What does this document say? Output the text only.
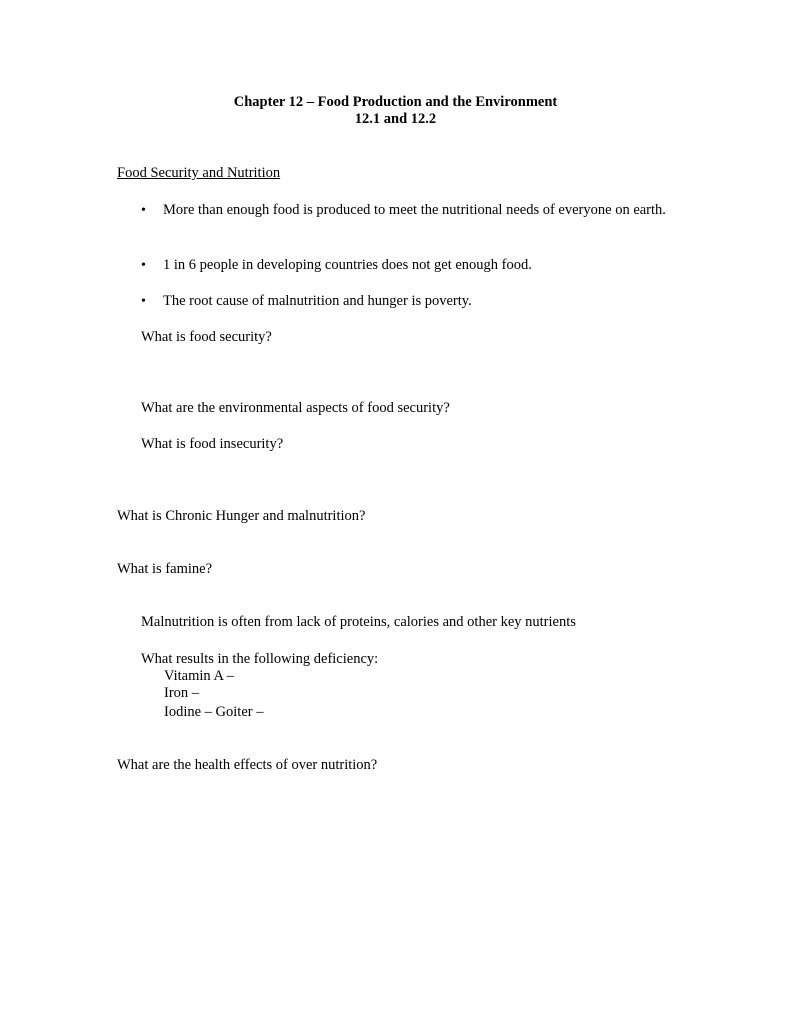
Chapter 12 – Food Production and the Environment
12.1 and 12.2
Food Security and Nutrition
• More than enough food is produced to meet the nutritional needs of everyone on earth.
• 1 in 6 people in developing countries does not get enough food.
• The root cause of malnutrition and hunger is poverty.
What is food security?
What are the environmental aspects of food security?
What is food insecurity?
What is Chronic Hunger and malnutrition?
What is famine?
Malnutrition is often from lack of proteins, calories and other key nutrients
What results in the following deficiency:
Vitamin A –
Iron –
Iodine – Goiter –
What are the health effects of over nutrition?
